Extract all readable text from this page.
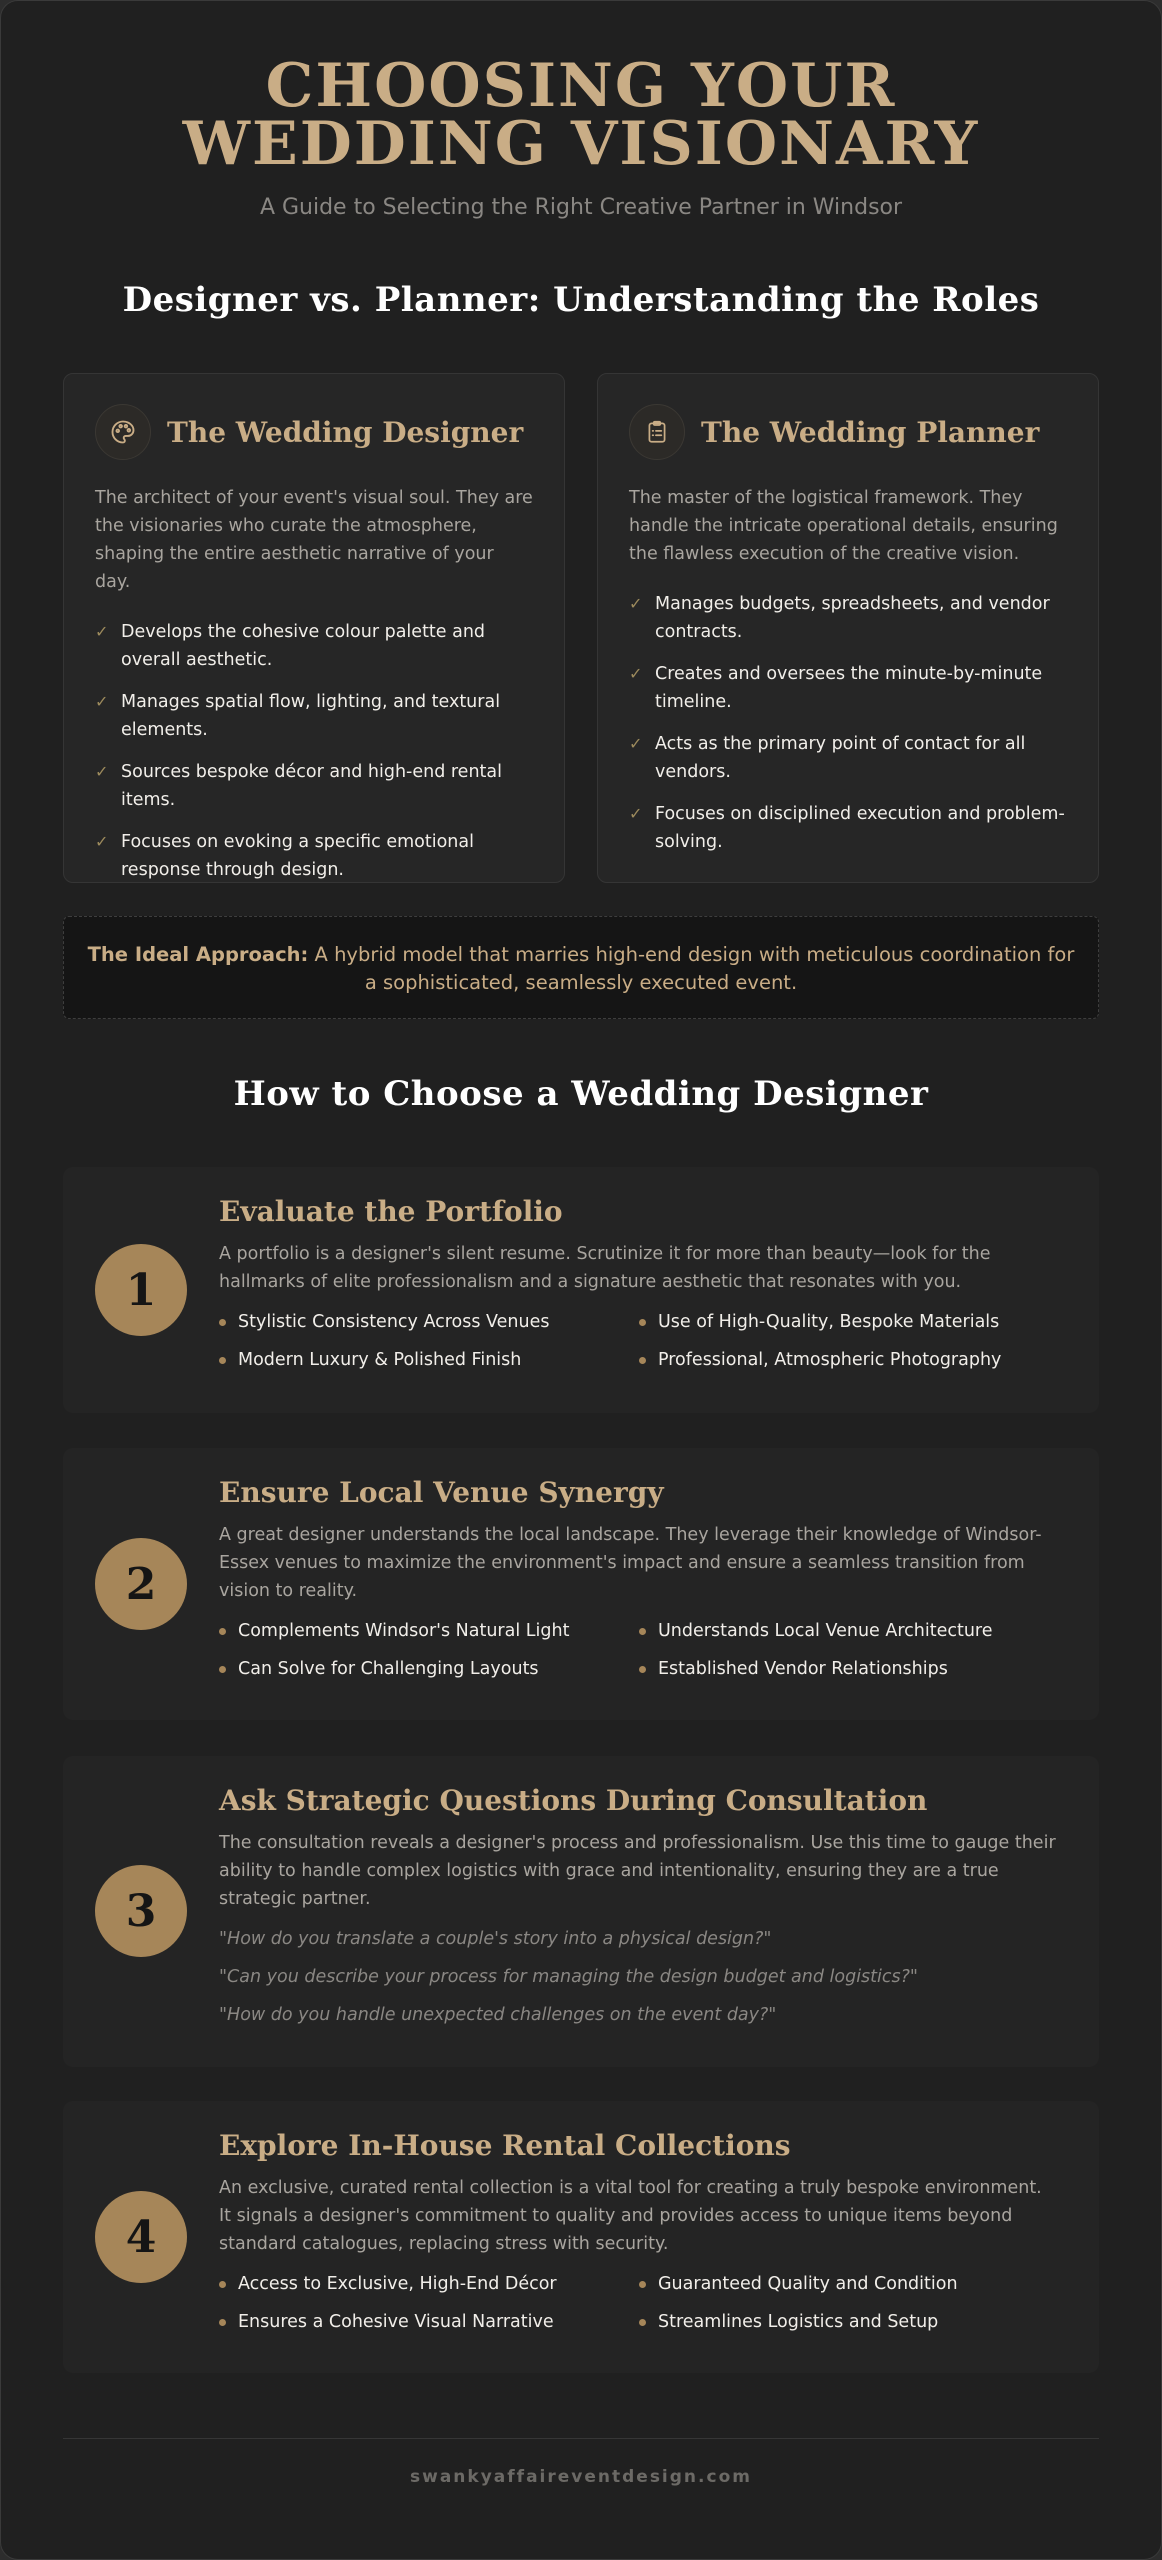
CHOOSING YOUR WEDDING VISIONARY

A Guide to Selecting the Right Creative Partner in Windsor

Designer vs. Planner: Understanding the Roles
The Wedding Designer

The architect of your event's visual soul. They are the visionaries who curate the atmosphere, shaping the entire aesthetic narrative of your day.

✓ Develops the cohesive colour palette and overall aesthetic.
✓ Manages spatial flow, lighting, and textural elements.
✓ Sources bespoke décor and high-end rental items.
✓ Focuses on evoking a specific emotional response through design.
The Wedding Planner

The master of the logistical framework. They handle the intricate operational details, ensuring the flawless execution of the creative vision.

✓ Manages budgets, spreadsheets, and vendor contracts.
✓ Creates and oversees the minute-by-minute timeline.
✓ Acts as the primary point of contact for all vendors.
✓ Focuses on disciplined execution and problem-solving.
The Ideal Approach: A hybrid model that marries high-end design with meticulous coordination for a sophisticated, seamlessly executed event.
How to Choose a Wedding Designer
1
Evaluate the Portfolio

A portfolio is a designer's silent resume. Scrutinize it for more than beauty—look for the hallmarks of elite professionalism and a signature aesthetic that resonates with you.

Stylistic Consistency Across Venues	Use of High-Quality, Bespoke Materials
Modern Luxury & Polished Finish	Professional, Atmospheric Photography
2
Ensure Local Venue Synergy

A great designer understands the local landscape. They leverage their knowledge of Windsor-Essex venues to maximize the environment's impact and ensure a seamless transition from vision to reality.

Complements Windsor's Natural Light	Understands Local Venue Architecture
Can Solve for Challenging Layouts	Established Vendor Relationships
3
Ask Strategic Questions During Consultation

The consultation reveals a designer's process and professionalism. Use this time to gauge their ability to handle complex logistics with grace and intentionality, ensuring they are a true strategic partner.

"How do you translate a couple's story into a physical design?"
"Can you describe your process for managing the design budget and logistics?"
"How do you handle unexpected challenges on the event day?"
4
Explore In-House Rental Collections

An exclusive, curated rental collection is a vital tool for creating a truly bespoke environment. It signals a designer's commitment to quality and provides access to unique items beyond standard catalogues, replacing stress with security.

Access to Exclusive, High-End Décor	Guaranteed Quality and Condition
Ensures a Cohesive Visual Narrative	Streamlines Logistics and Setup
swankyaffaireventdesign.com
